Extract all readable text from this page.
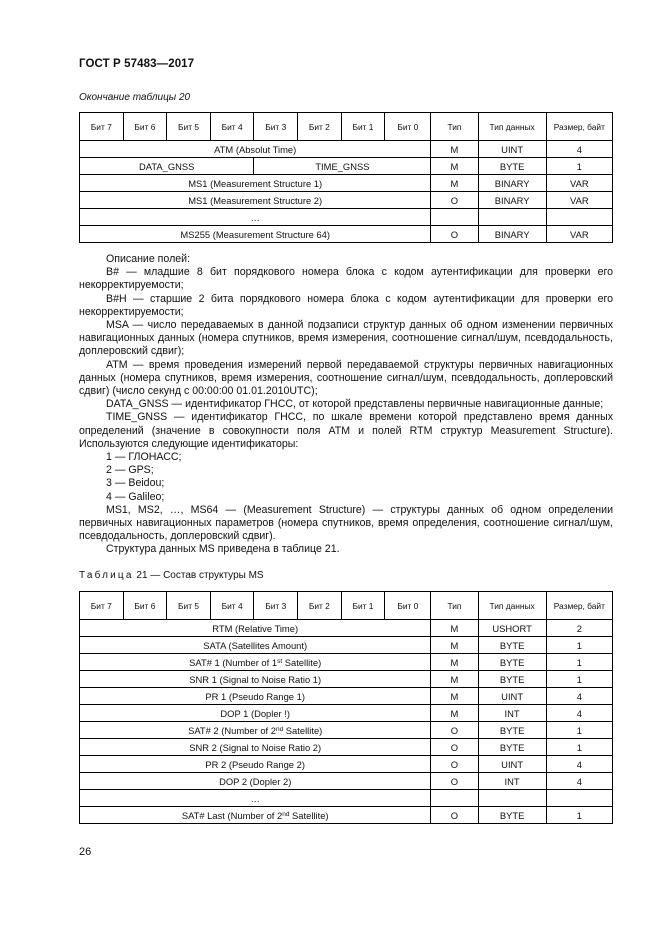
ГОСТ Р 57483—2017
Окончание таблицы 20
Бит 7	Бит 6	Бит 5	Бит 4	Бит 3	Бит 2	Бит 1	Бит 0	Тип	Тип данных	Размер, байт
ATM (Absolut Time)								M	UINT	4
DATA_GNSS				TIME_GNSS				M	BYTE	1
MS1 (Measurement Structure 1)								M	BINARY	VAR
MS1 (Measurement Structure 2)								O	BINARY	VAR
…										
MS255 (Measurement Structure 64)								O	BINARY	VAR

Описание полей:

B# — младшие 8 бит порядкового номера блока с кодом аутентификации для проверки его некорректируемости;

B#H — старшие 2 бита порядкового номера блока с кодом аутентификации для проверки его некорректируемости;

MSA — число передаваемых в данной подзаписи структур данных об одном изменении первичных навигационных данных (номера спутников, время измерения, соотношение сигнал/шум, псевдодальность, доплеровский сдвиг);

ATM — время проведения измерений первой передаваемой структуры первичных навигационных данных (номера спутников, время измерения, соотношение сигнал/шум, псевдодальность, доплеровский сдвиг) (число секунд с 00:00:00 01.01.2010UTC);

DATA_GNSS — идентификатор ГНСС, от которой представлены первичные навигационные данные;

TIME_GNSS — идентификатор ГНСС, по шкале времени которой представлено время данных определений (значение в совокупности поля ATM и полей RTM структур Measurement Structure). Используются следующие идентификаторы:

1 — ГЛОНАСС;

2 — GPS;

3 — Beidou;

4 — Galileo;

MS1, MS2, …, MS64 — (Measurement Structure) — структуры данных об одном определении первичных навигационных параметров (номера спутников, время определения, соотношение сигнал/шум, псевдодальность, доплеровский сдвиг).

Структура данных MS приведена в таблице 21.

Таблица 21 — Состав структуры MS
Бит 7	Бит 6	Бит 5	Бит 4	Бит 3	Бит 2	Бит 1	Бит 0	Тип	Тип данных	Размер, байт
RTM (Relative Time)								M	USHORT	2
SATA (Satellites Amount)								M	BYTE	1
SAT# 1 (Number of 1st Satellite)								M	BYTE	1
SNR 1 (Signal to Noise Ratio 1)								M	BYTE	1
PR 1 (Pseudo Range 1)								M	UINT	4
DOP 1 (Dopler !)								M	INT	4
SAT# 2 (Number of 2nd Satellite)								O	BYTE	1
SNR 2 (Signal to Noise Ratio 2)								O	BYTE	1
PR 2 (Pseudo Range 2)								O	UINT	4
DOP 2 (Dopler 2)								O	INT	4
…										
SAT# Last (Number of 2nd Satellite)								O	BYTE	1
26
